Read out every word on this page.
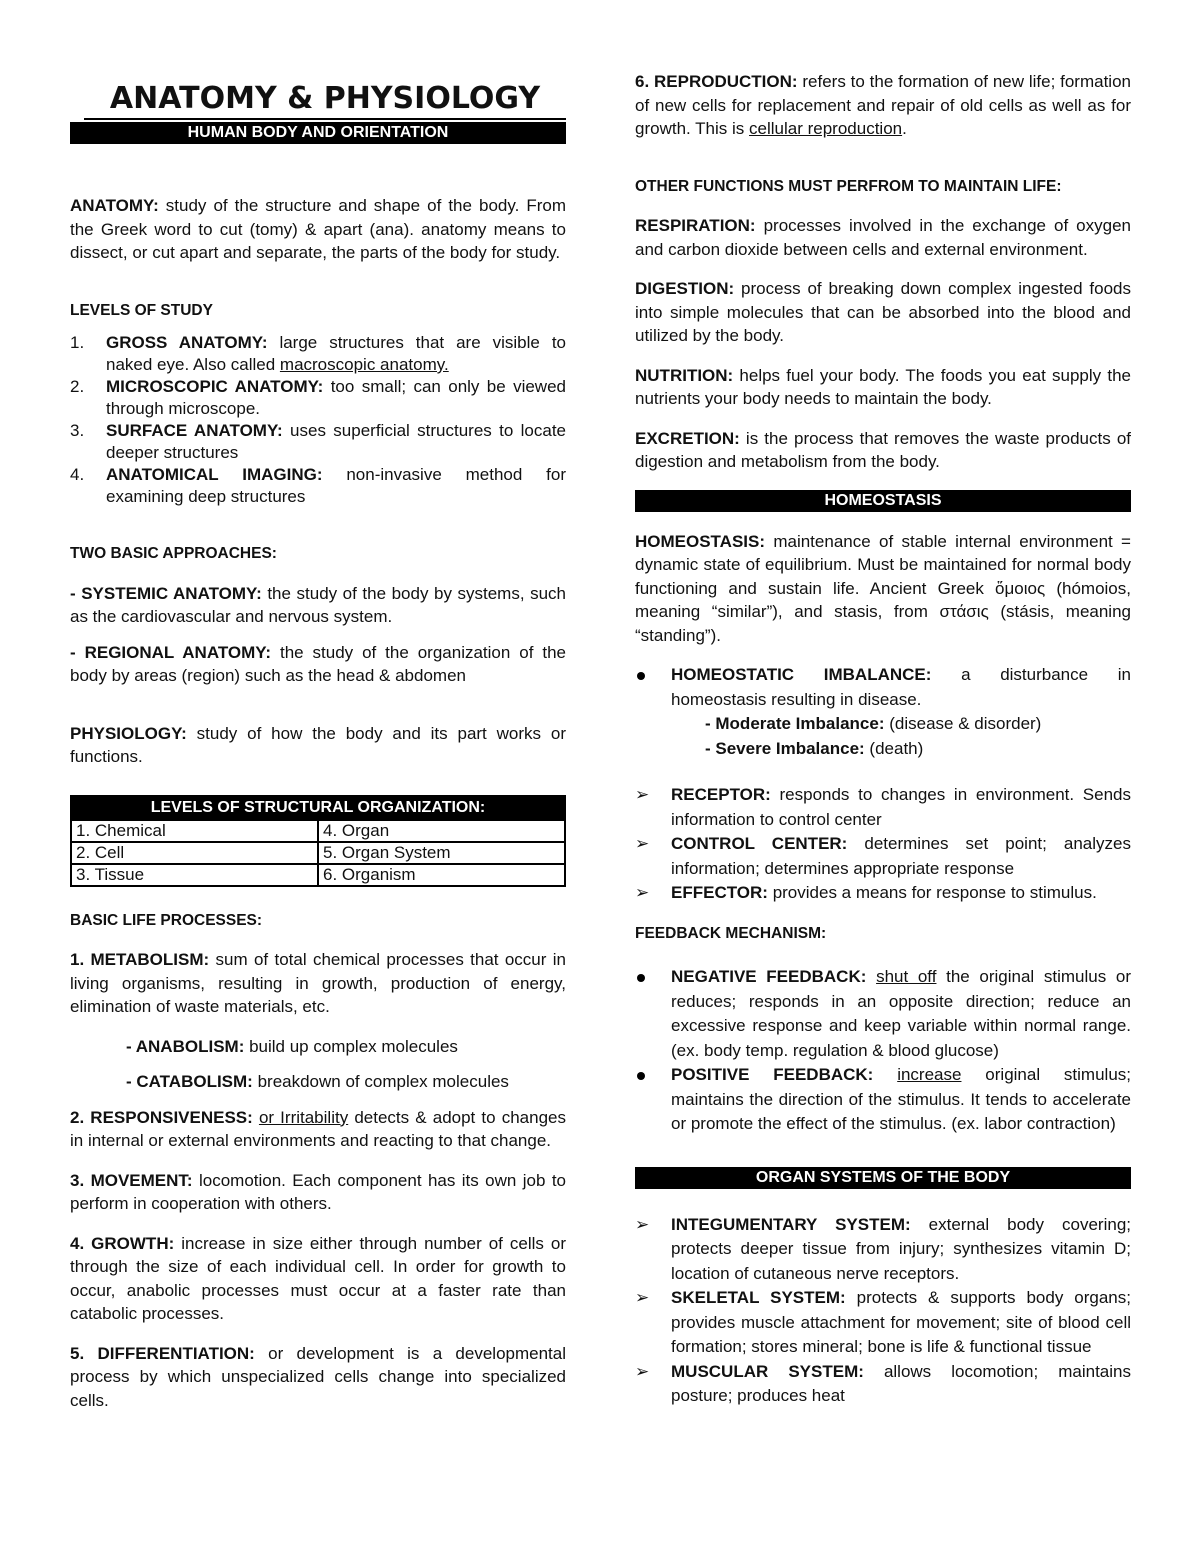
ANATOMY & PHYSIOLOGY
HUMAN BODY AND ORIENTATION

ANATOMY: study of the structure and shape of the body. From the Greek word to cut (tomy) & apart (ana). anatomy means to dissect, or cut apart and separate, the parts of the body for study.

LEVELS OF STUDY

1. GROSS ANATOMY: large structures that are visible to naked eye. Also called macroscopic anatomy.
2. MICROSCOPIC ANATOMY: too small; can only be viewed through microscope.
3. SURFACE ANATOMY: uses superficial structures to locate deeper structures
4. ANATOMICAL IMAGING: non-invasive method for examining deep structures

TWO BASIC APPROACHES:

- SYSTEMIC ANATOMY: the study of the body by systems, such as the cardiovascular and nervous system.

- REGIONAL ANATOMY: the study of the organization of the body by areas (region) such as the head & abdomen

PHYSIOLOGY: study of how the body and its part works or functions.

LEVELS OF STRUCTURAL ORGANIZATION:	
1. Chemical	4. Organ
2. Cell	5. Organ System
3. Tissue	6. Organism

BASIC LIFE PROCESSES:

1. METABOLISM: sum of total chemical processes that occur in living organisms, resulting in growth, production of energy, elimination of waste materials, etc.

- ANABOLISM: build up complex molecules

- CATABOLISM: breakdown of complex molecules

2. RESPONSIVENESS: or Irritability detects & adopt to changes in internal or external environments and reacting to that change.

3. MOVEMENT: locomotion. Each component has its own job to perform in cooperation with others.

4. GROWTH: increase in size either through number of cells or through the size of each individual cell. In order for growth to occur, anabolic processes must occur at a faster rate than catabolic processes.

5. DIFFERENTIATION: or development is a developmental process by which unspecialized cells change into specialized cells.

6. REPRODUCTION: refers to the formation of new life; formation of new cells for replacement and repair of old cells as well as for growth. This is cellular reproduction.

OTHER FUNCTIONS MUST PERFROM TO MAINTAIN LIFE:

RESPIRATION: processes involved in the exchange of oxygen and carbon dioxide between cells and external environment.

DIGESTION: process of breaking down complex ingested foods into simple molecules that can be absorbed into the blood and utilized by the body.

NUTRITION: helps fuel your body. The foods you eat supply the nutrients your body needs to maintain the body.

EXCRETION: is the process that removes the waste products of digestion and metabolism from the body.

HOMEOSTASIS

HOMEOSTASIS: maintenance of stable internal environment = dynamic state of equilibrium. Must be maintained for normal body functioning and sustain life. Ancient Greek ὅμοιος (hómoios, meaning “similar”), and stasis, from στάσις (stásis, meaning “standing”).

HOMEOSTATIC IMBALANCE: a disturbance in homeostasis resulting in disease.
- Moderate Imbalance: (disease & disorder)
- Severe Imbalance: (death)
➢ RECEPTOR: responds to changes in environment. Sends information to control center
➢ CONTROL CENTER: determines set point; analyzes information; determines appropriate response
➢ EFFECTOR: provides a means for response to stimulus.

FEEDBACK MECHANISM:

NEGATIVE FEEDBACK: shut off the original stimulus or reduces; responds in an opposite direction; reduce an excessive response and keep variable within normal range. (ex. body temp. regulation & blood glucose)
POSITIVE FEEDBACK: increase original stimulus; maintains the direction of the stimulus. It tends to accelerate or promote the effect of the stimulus. (ex. labor contraction)
ORGAN SYSTEMS OF THE BODY
➢ INTEGUMENTARY SYSTEM: external body covering; protects deeper tissue from injury; synthesizes vitamin D; location of cutaneous nerve receptors.
➢ SKELETAL SYSTEM: protects & supports body organs; provides muscle attachment for movement; site of blood cell formation; stores mineral; bone is life & functional tissue
➢ MUSCULAR SYSTEM: allows locomotion; maintains posture; produces heat
